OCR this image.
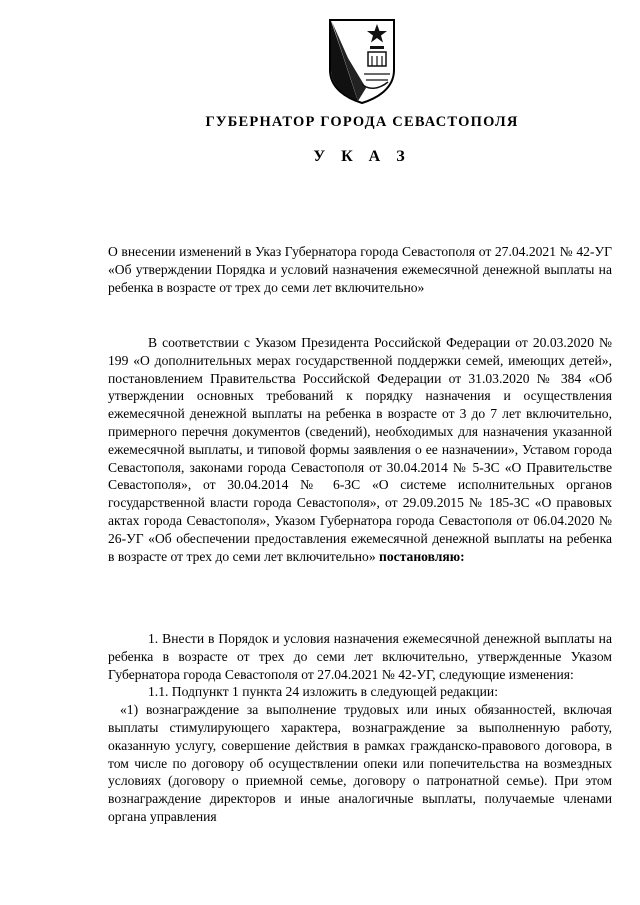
ГУБЕРНАТОР ГОРОДА СЕВАСТОПОЛЯ
У К А З
О внесении изменений в Указ Губернатора города Севастополя от 27.04.2021 № 42-УГ «Об утверждении Порядка и условий назначения ежемесячной денежной выплаты на ребенка в возрасте от трех до семи лет включительно»

В соответствии с Указом Президента Российской Федерации от 20.03.2020 № 199 «О дополнительных мерах государственной поддержки семей, имеющих детей», постановлением Правительства Российской Федерации от 31.03.2020 № 384 «Об утверждении основных требований к порядку назначения и осуществления ежемесячной денежной выплаты на ребенка в возрасте от 3 до 7 лет включительно, примерного перечня документов (сведений), необходимых для назначения указанной ежемесячной выплаты, и типовой формы заявления о ее назначении», Уставом города Севастополя, законами города Севастополя от 30.04.2014 № 5-ЗС «О Правительстве Севастополя», от 30.04.2014 № 6-ЗС «О системе исполнительных органов государственной власти города Севастополя», от 29.09.2015 № 185-ЗС «О правовых актах города Севастополя», Указом Губернатора города Севастополя от 06.04.2020 № 26-УГ «Об обеспечении предоставления ежемесячной денежной выплаты на ребенка в возрасте от трех до семи лет включительно» постановляю:

1. Внести в Порядок и условия назначения ежемесячной денежной выплаты на ребенка в возрасте от трех до семи лет включительно, утвержденные Указом Губернатора города Севастополя от 27.04.2021 № 42-УГ, следующие изменения:

1.1. Подпункт 1 пункта 24 изложить в следующей редакции:

«1) вознаграждение за выполнение трудовых или иных обязанностей, включая выплаты стимулирующего характера, вознаграждение за выполненную работу, оказанную услугу, совершение действия в рамках гражданско-правового договора, в том числе по договору об осуществлении опеки или попечительства на возмездных условиях (договору о приемной семье, договору о патронатной семье). При этом вознаграждение директоров и иные аналогичные выплаты, получаемые членами органа управления
